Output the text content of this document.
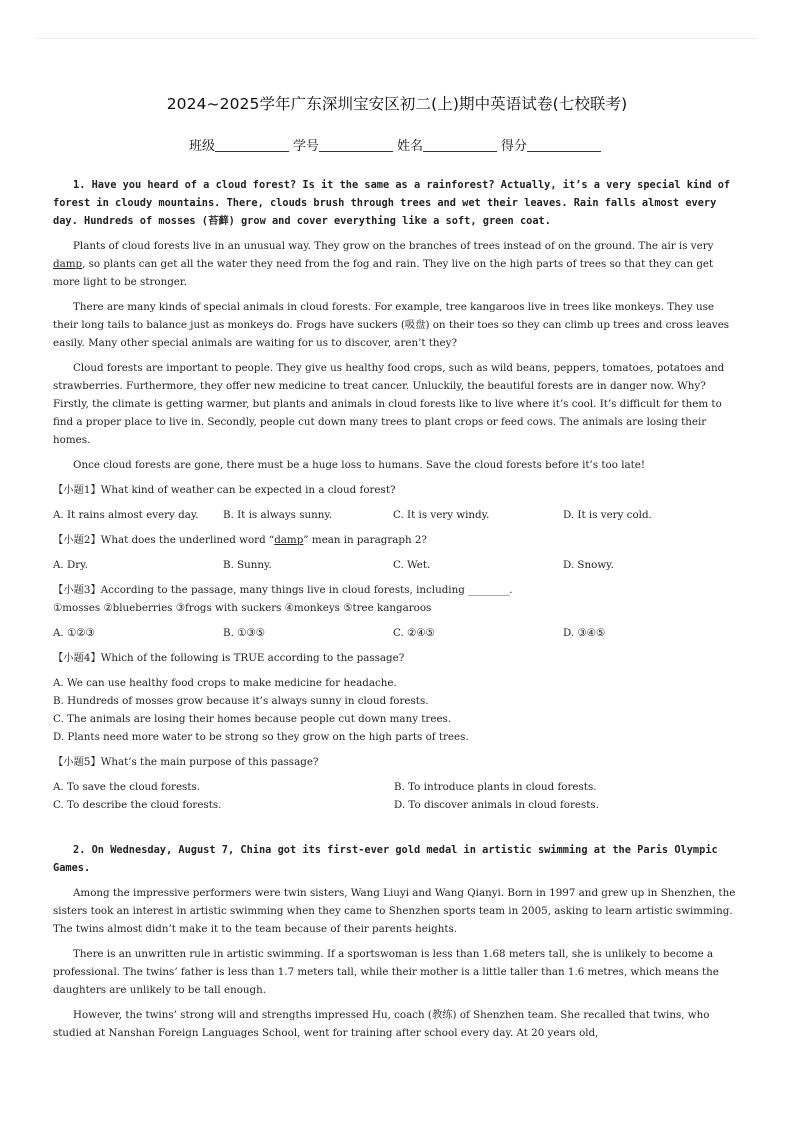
2024~2025学年广东深圳宝安区初二(上)期中英语试卷(七校联考)
班级	学号	姓名	得分

1. Have you heard of a cloud forest? Is it the same as a rainforest? Actually, it’s a very special kind of forest in cloudy mountains. There, clouds brush through trees and wet their leaves. Rain falls almost every day. Hundreds of mosses (苔藓) grow and cover everything like a soft, green coat.

Plants of cloud forests live in an unusual way. They grow on the branches of trees instead of on the ground. The air is very damp, so plants can get all the water they need from the fog and rain. They live on the high parts of trees so that they can get more light to be stronger.

There are many kinds of special animals in cloud forests. For example, tree kangaroos live in trees like monkeys. They use their long tails to balance just as monkeys do. Frogs have suckers (吸盘) on their toes so they can climb up trees and cross leaves easily. Many other special animals are waiting for us to discover, aren’t they?

Cloud forests are important to people. They give us healthy food crops, such as wild beans, peppers, tomatoes, potatoes and strawberries. Furthermore, they offer new medicine to treat cancer. Unluckily, the beautiful forests are in danger now. Why? Firstly, the climate is getting warmer, but plants and animals in cloud forests like to live where it’s cool. It’s difficult for them to find a proper place to live in. Secondly, people cut down many trees to plant crops or feed cows. The animals are losing their homes.

Once cloud forests are gone, there must be a huge loss to humans. Save the cloud forests before it’s too late!

【小题1】What kind of weather can be expected in a cloud forest?
A. It rains almost every day.	B. It is always sunny.	C. It is very windy.	D. It is very cold.
【小题2】What does the underlined word “damp” mean in paragraph 2?
A. Dry.	B. Sunny.	C. Wet.	D. Snowy.
【小题3】According to the passage, many things live in cloud forests, including ________.
①mosses ②blueberries ③frogs with suckers ④monkeys ⑤tree kangaroos
A. ①②③	B. ①③⑤	C. ②④⑤	D. ③④⑤
【小题4】Which of the following is TRUE according to the passage?
A. We can use healthy food crops to make medicine for headache.
B. Hundreds of mosses grow because it’s always sunny in cloud forests.
C. The animals are losing their homes because people cut down many trees.
D. Plants need more water to be strong so they grow on the high parts of trees.
【小题5】What’s the main purpose of this passage?
A. To save the cloud forests.	B. To introduce plants in cloud forests.
C. To describe the cloud forests.	D. To discover animals in cloud forests.

2. On Wednesday, August 7, China got its first-ever gold medal in artistic swimming at the Paris Olympic Games.

Among the impressive performers were twin sisters, Wang Liuyi and Wang Qianyi. Born in 1997 and grew up in Shenzhen, the sisters took an interest in artistic swimming when they came to Shenzhen sports team in 2005, asking to learn artistic swimming. The twins almost didn’t make it to the team because of their parents heights.

There is an unwritten rule in artistic swimming. If a sportswoman is less than 1.68 meters tall, she is unlikely to become a professional. The twins’ father is less than 1.7 meters tall, while their mother is a little taller than 1.6 metres, which means the daughters are unlikely to be tall enough.

However, the twins’ strong will and strengths impressed Hu, coach (教练) of Shenzhen team. She recalled that twins, who studied at Nanshan Foreign Languages School, went for training after school every day. At 20 years old,
